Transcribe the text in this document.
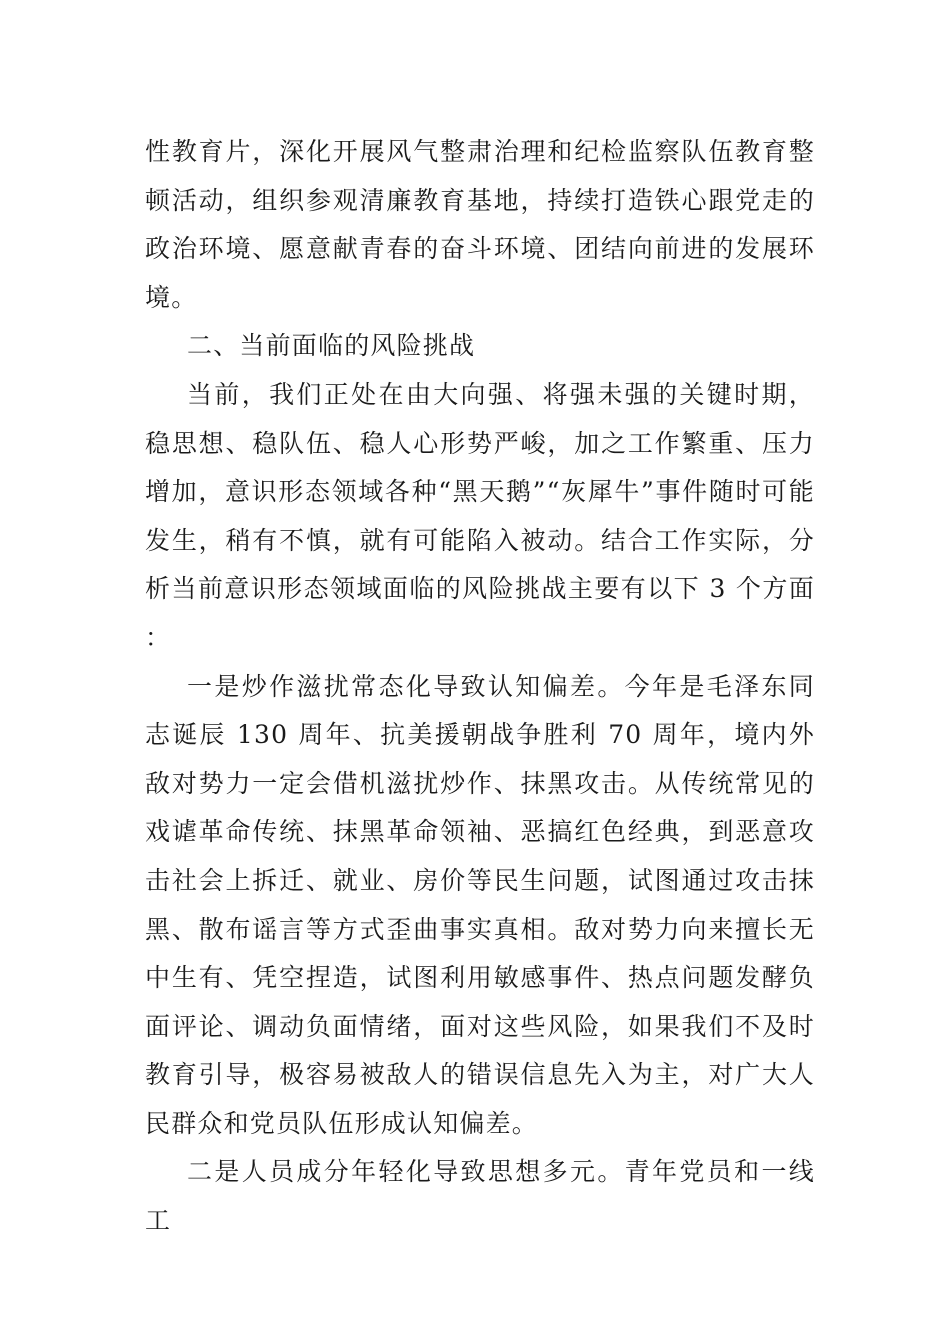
性教育片，深化开展风气整肃治理和纪检监察队伍教育整顿活动，组织参观清廉教育基地，持续打造铁心跟党走的政治环境、愿意献青春的奋斗环境、团结向前进的发展环境。

二、当前面临的风险挑战

当前，我们正处在由大向强、将强未强的关键时期，稳思想、稳队伍、稳人心形势严峻，加之工作繁重、压力增加，意识形态领域各种“黑天鹅”“灰犀牛”事件随时可能发生，稍有不慎，就有可能陷入被动。结合工作实际，分析当前意识形态领域面临的风险挑战主要有以下 3 个方面：

一是炒作滋扰常态化导致认知偏差。今年是毛泽东同志诞辰 130 周年、抗美援朝战争胜利 70 周年，境内外敌对势力一定会借机滋扰炒作、抹黑攻击。从传统常见的戏谑革命传统、抹黑革命领袖、恶搞红色经典，到恶意攻击社会上拆迁、就业、房价等民生问题，试图通过攻击抹黑、散布谣言等方式歪曲事实真相。敌对势力向来擅长无中生有、凭空捏造，试图利用敏感事件、热点问题发酵负面评论、调动负面情绪，面对这些风险，如果我们不及时教育引导，极容易被敌人的错误信息先入为主，对广大人民群众和党员队伍形成认知偏差。

二是人员成分年轻化导致思想多元。青年党员和一线工
